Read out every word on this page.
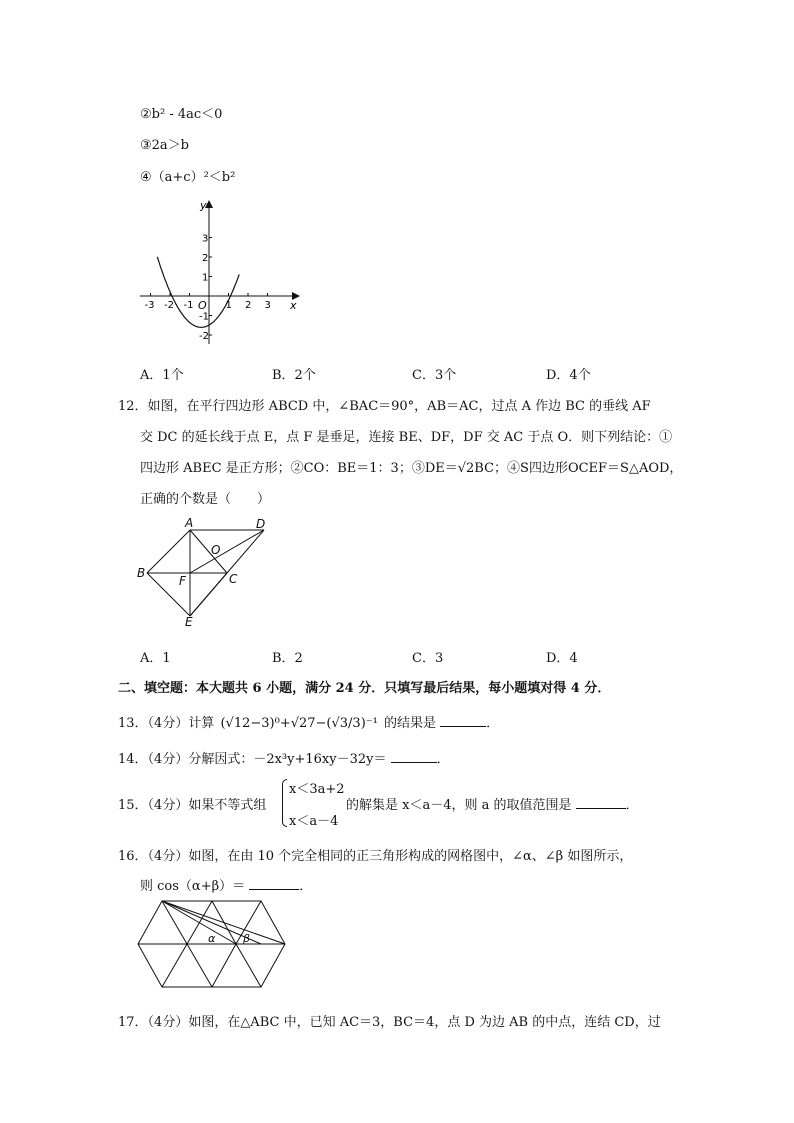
②b² - 4ac＜0
③2a＞b
④（a+c）²＜b²
-3 -2 -1	1 2 3
3
2
1
-1
-2
x
y
O
A．1个	B．2个	C．3个	D．4个
12．如图，在平行四边形 ABCD 中，∠BAC＝90°，AB＝AC，过点 A 作边 BC 的垂线 AF
交 DC 的延长线于点 E，点 F 是垂足，连接 BE、DF，DF 交 AC 于点 O．则下列结论：①
四边形 ABEC 是正方形；②CO：BE＝1：3；③DE＝√2BC；④S四边形OCEF＝S△AOD，
正确的个数是（　　）
A	D
O
B
F	C
E
A．1	B．2	C．3	D．4
二、填空题：本大题共 6 小题，满分 24 分．只填写最后结果，每小题填对得 4 分．
13．（4分）计算 (√12−3)⁰+√27−(√3/3)⁻¹ 的结果是	．
14．（4分）分解因式：－2x³y+16xy－32y＝	．
15．（4分）如果不等式组
x＜3a+2
x＜a－4
的解集是 x＜a－4，则 a 的取值范围是	．
16．（4分）如图，在由 10 个完全相同的正三角形构成的网格图中，∠α、∠β 如图所示，
则 cos（α+β）＝	．
α	β
17．（4分）如图，在△ABC 中，已知 AC＝3，BC＝4，点 D 为边 AB 的中点，连结 CD，过
